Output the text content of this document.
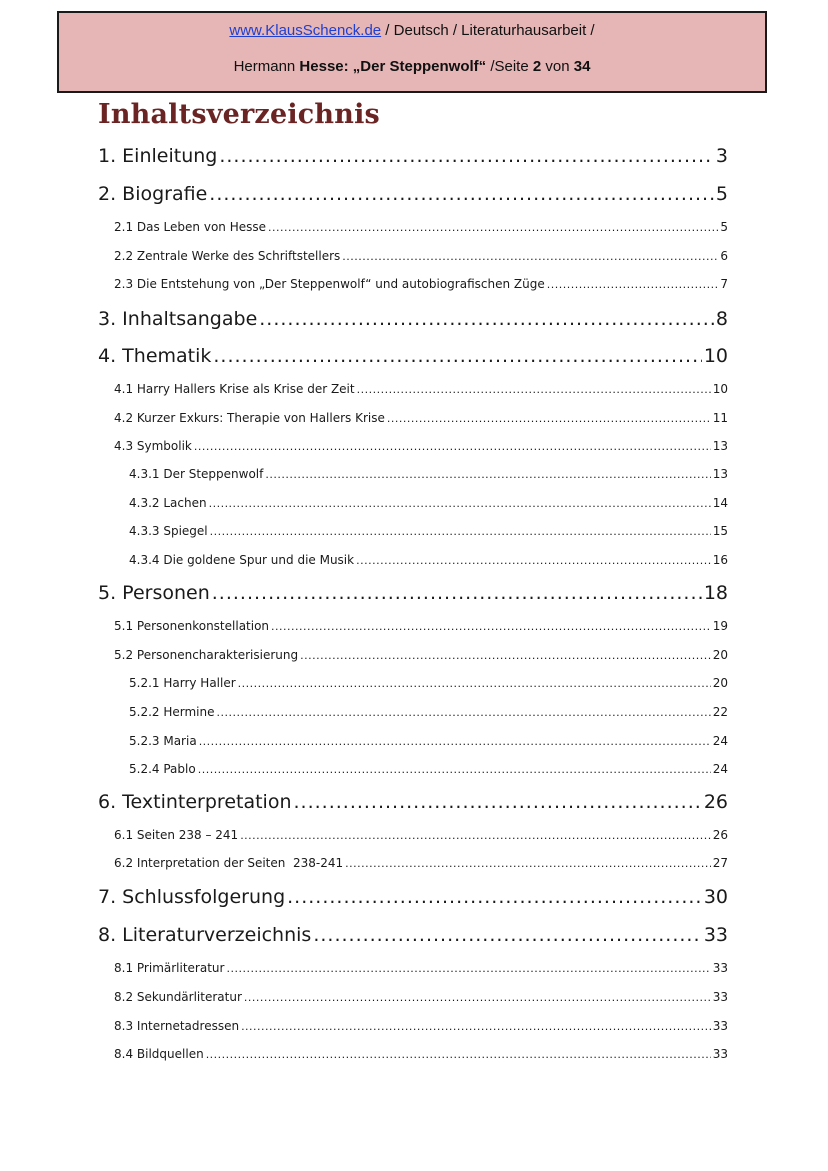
www.KlausSchenck.de / Deutsch / Literaturhausarbeit /
Hermann Hesse: „Der Steppenwolf“ /Seite 2 von 34
Inhaltsverzeichnis
1. Einleitung .....	3
2. Biografie .....	5
2.1 Das Leben von Hesse .....	5
2.2 Zentrale Werke des Schriftstellers .....	6
2.3 Die Entstehung von „Der Steppenwolf“ und autobiografischen Züge .....	7
3. Inhaltsangabe .....	8
4. Thematik .....	10
4.1 Harry Hallers Krise als Krise der Zeit .....	10
4.2 Kurzer Exkurs: Therapie von Hallers Krise .....	11
4.3 Symbolik .....	13
4.3.1 Der Steppenwolf .....	13
4.3.2 Lachen .....	14
4.3.3 Spiegel .....	15
4.3.4 Die goldene Spur und die Musik .....	16
5. Personen .....	18
5.1 Personenkonstellation .....	19
5.2 Personencharakterisierung .....	20
5.2.1 Harry Haller .....	20
5.2.2 Hermine .....	22
5.2.3 Maria .....	24
5.2.4 Pablo .....	24
6. Textinterpretation .....	26
6.1 Seiten 238 – 241 .....	26
6.2 Interpretation der Seiten  238-241 .....	27
7. Schlussfolgerung .....	30
8. Literaturverzeichnis .....	33
8.1 Primärliteratur .....	33
8.2 Sekundärliteratur .....	33
8.3 Internetadressen .....	33
8.4 Bildquellen .....	33
